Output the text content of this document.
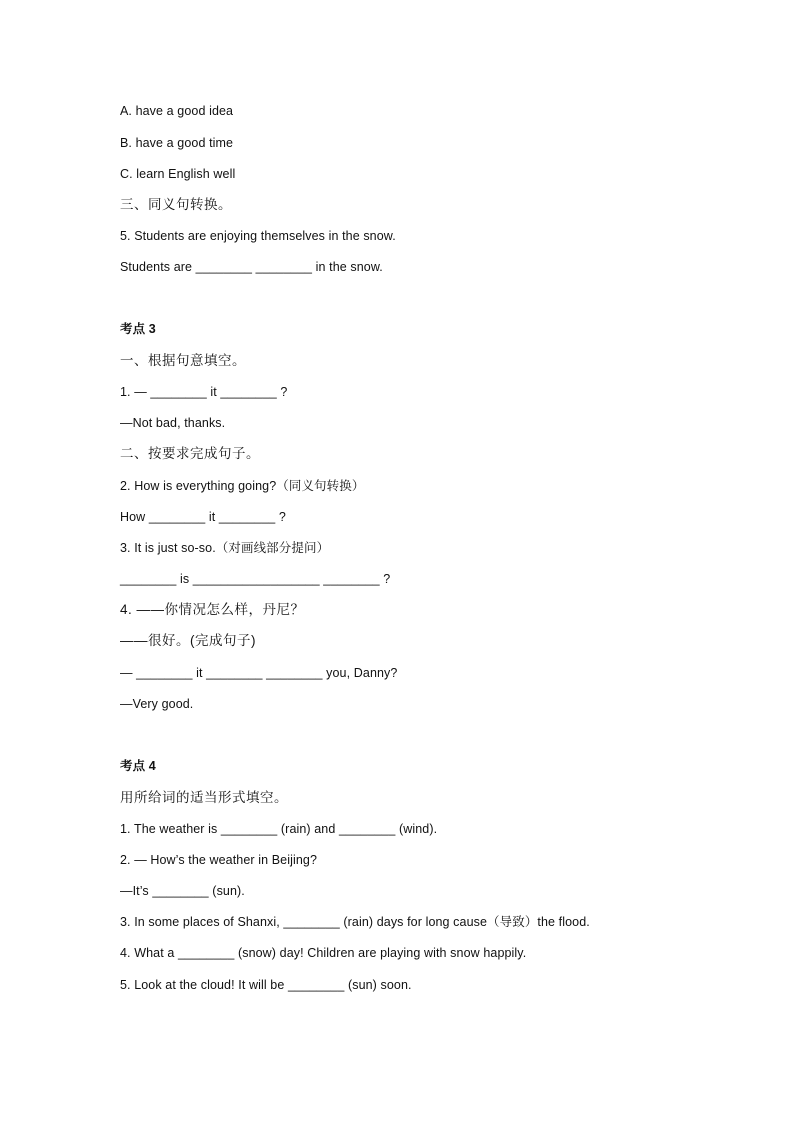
A. have a good idea
B. have a good time
C. learn English well
三、同义句转换。
5. Students are enjoying themselves in the snow.
Students are ________ ________ in the snow.
考点 3
一、根据句意填空。
1. — ________ it ________ ?
—Not bad, thanks.
二、按要求完成句子。
2. How is everything going?（同义句转换）
How ________ it ________ ?
3. It is just so-so.（对画线部分提问）
________ is __________________ ________ ?
4. ——你情况怎么样，丹尼？
——很好。(完成句子)
— ________ it ________ ________ you, Danny?
—Very good.
考点 4
用所给词的适当形式填空。
1. The weather is ________ (rain) and ________ (wind).
2. — How’s the weather in Beijing?
—It’s ________ (sun).
3. In some places of Shanxi, ________ (rain) days for long cause（导致）the flood.
4. What a ________ (snow) day! Children are playing with snow happily.
5. Look at the cloud! It will be ________ (sun) soon.
